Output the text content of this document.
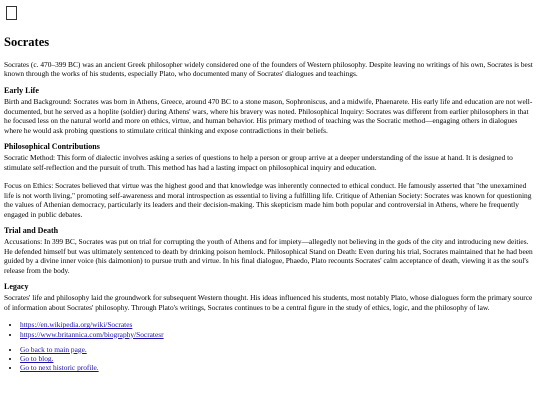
Socrates

Socrates (c. 470–399 BC) was an ancient Greek philosopher widely considered one of the founders of Western philosophy. Despite leaving no writings of his own, Socrates is best known through the works of his students, especially Plato, who documented many of Socrates' dialogues and teachings.

Early Life

Birth and Background: Socrates was born in Athens, Greece, around 470 BC to a stone mason, Sophroniscus, and a midwife, Phaenarete. His early life and education are not well-documented, but he served as a hoplite (soldier) during Athens' wars, where his bravery was noted. Philosophical Inquiry: Socrates was different from earlier philosophers in that he focused less on the natural world and more on ethics, virtue, and human behavior. His primary method of teaching was the Socratic method—engaging others in dialogues where he would ask probing questions to stimulate critical thinking and expose contradictions in their beliefs.

Philosophical Contributions

Socratic Method: This form of dialectic involves asking a series of questions to help a person or group arrive at a deeper understanding of the issue at hand. It is designed to stimulate self-reflection and the pursuit of truth. This method has had a lasting impact on philosophical inquiry and education.

Focus on Ethics: Socrates believed that virtue was the highest good and that knowledge was inherently connected to ethical conduct. He famously asserted that "the unexamined life is not worth living," promoting self-awareness and moral introspection as essential to living a fulfilling life. Critique of Athenian Society: Socrates was known for questioning the values of Athenian democracy, particularly its leaders and their decision-making. This skepticism made him both popular and controversial in Athens, where he frequently engaged in public debates.

Trial and Death

Accusations: In 399 BC, Socrates was put on trial for corrupting the youth of Athens and for impiety—allegedly not believing in the gods of the city and introducing new deities. He defended himself but was ultimately sentenced to death by drinking poison hemlock. Philosophical Stand on Death: Even during his trial, Socrates maintained that he had been guided by a divine inner voice (his daimonion) to pursue truth and virtue. In his final dialogue, Phaedo, Plato recounts Socrates' calm acceptance of death, viewing it as the soul's release from the body.

Legacy

Socrates' life and philosophy laid the groundwork for subsequent Western thought. His ideas influenced his students, most notably Plato, whose dialogues form the primary source of information about Socrates' philosophy. Through Plato's writings, Socrates continues to be a central figure in the study of ethics, logic, and the philosophy of law.

• https://en.wikipedia.org/wiki/Socrates
• https://www.britannica.com/biography/Socratesr
• Go back to main page.
• Go to blog.
• Go to next historic profile.
